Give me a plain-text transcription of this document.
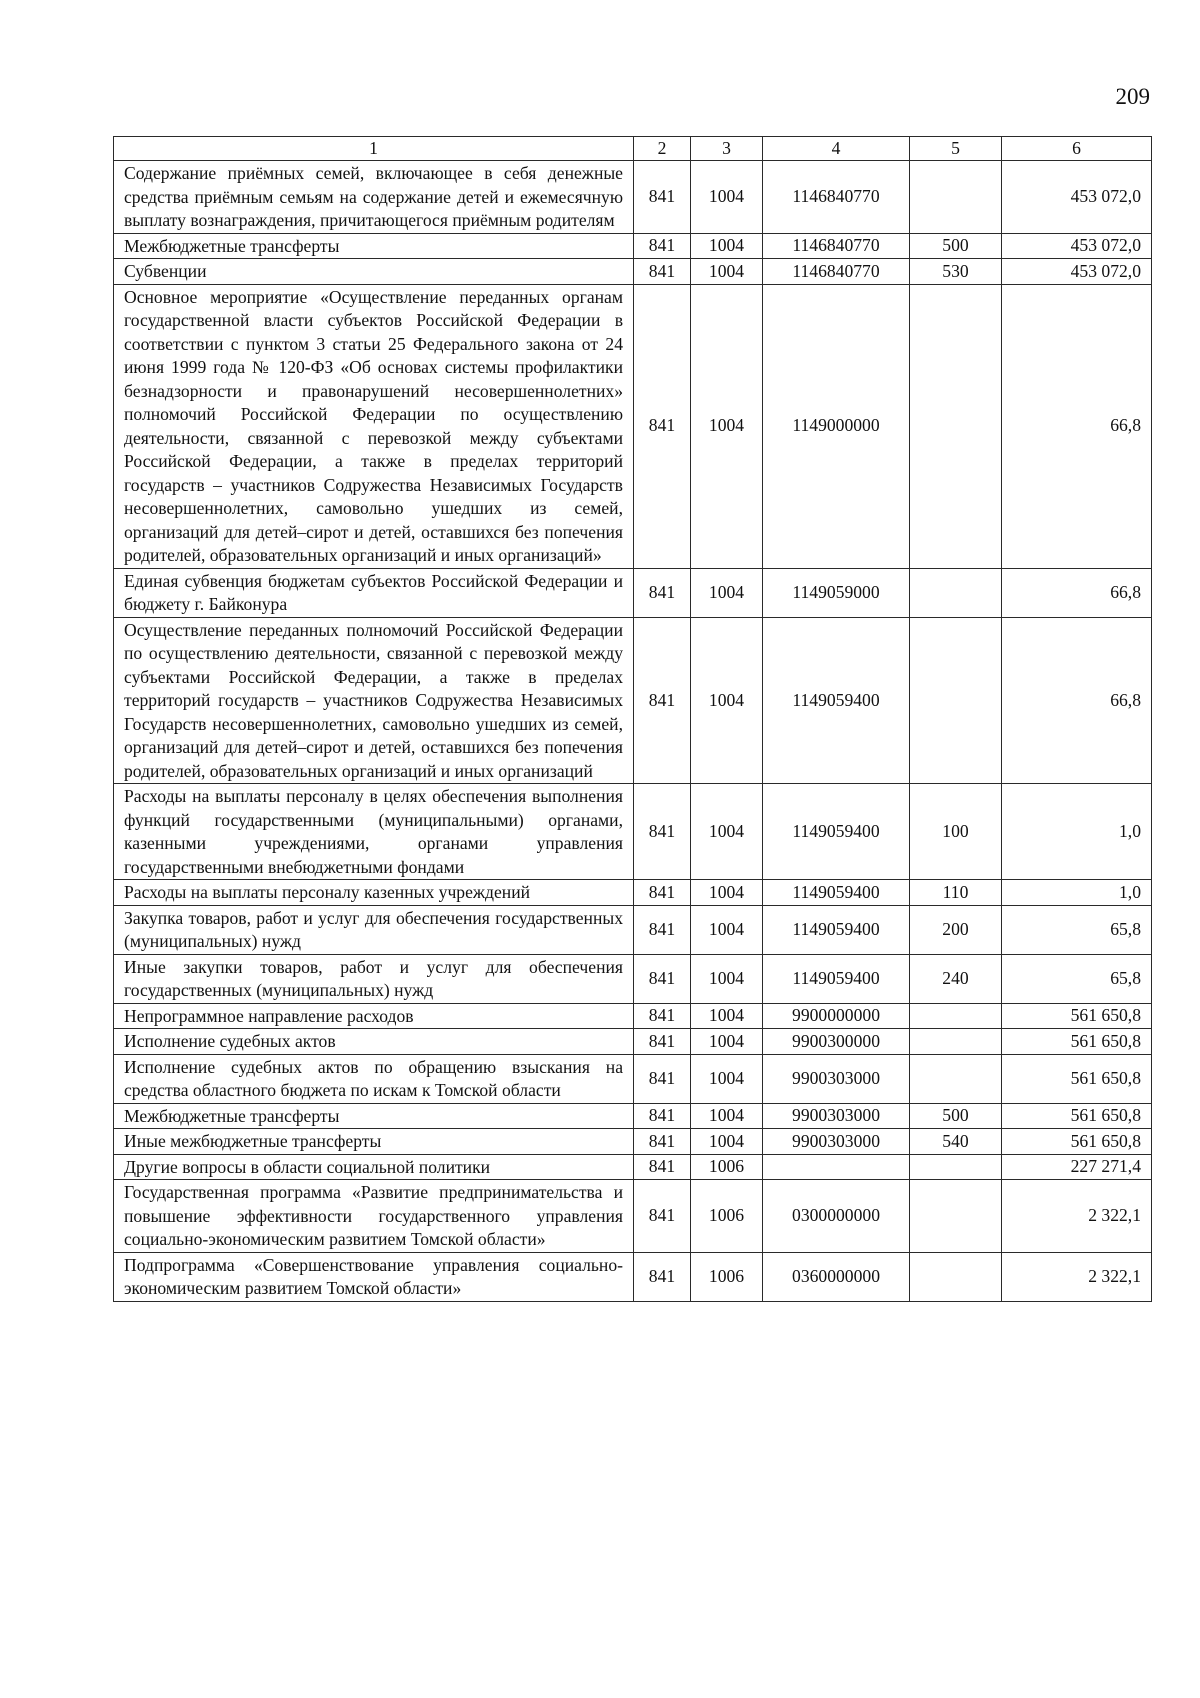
209
1	2	3	4	5	6
Содержание приёмных семей, включающее в себя денежные средства приёмным семьям на содержание детей и ежемесячную выплату вознаграждения, причитающегося приёмным родителям	841	1004	1146840770		453 072,0
Межбюджетные трансферты	841	1004	1146840770	500	453 072,0
Субвенции	841	1004	1146840770	530	453 072,0
Основное мероприятие «Осуществление переданных органам государственной власти субъектов Российской Федерации в соответствии с пунктом 3 статьи 25 Федерального закона от 24 июня 1999 года № 120-ФЗ «Об основах системы профилактики безнадзорности и правонарушений несовершеннолетних» полномочий Российской Федерации по осуществлению деятельности, связанной с перевозкой между субъектами Российской Федерации, а также в пределах территорий государств – участников Содружества Независимых Государств несовершеннолетних, самовольно ушедших из семей, организаций для детей–сирот и детей, оставшихся без попечения родителей, образовательных организаций и иных организаций»	841	1004	1149000000		66,8
Единая субвенция бюджетам субъектов Российской Федерации и бюджету г. Байконура	841	1004	1149059000		66,8
Осуществление переданных полномочий Российской Федерации по осуществлению деятельности, связанной с перевозкой между субъектами Российской Федерации, а также в пределах территорий государств – участников Содружества Независимых Государств несовершеннолетних, самовольно ушедших из семей, организаций для детей–сирот и детей, оставшихся без попечения родителей, образовательных организаций и иных организаций	841	1004	1149059400		66,8
Расходы на выплаты персоналу в целях обеспечения выполнения функций государственными (муниципальными) органами, казенными учреждениями, органами управления государственными внебюджетными фондами	841	1004	1149059400	100	1,0
Расходы на выплаты персоналу казенных учреждений	841	1004	1149059400	110	1,0
Закупка товаров, работ и услуг для обеспечения государственных (муниципальных) нужд	841	1004	1149059400	200	65,8
Иные закупки товаров, работ и услуг для обеспечения государственных (муниципальных) нужд	841	1004	1149059400	240	65,8
Непрограммное направление расходов	841	1004	9900000000		561 650,8
Исполнение судебных актов	841	1004	9900300000		561 650,8
Исполнение судебных актов по обращению взыскания на средства областного бюджета по искам к Томской области	841	1004	9900303000		561 650,8
Межбюджетные трансферты	841	1004	9900303000	500	561 650,8
Иные межбюджетные трансферты	841	1004	9900303000	540	561 650,8
Другие вопросы в области социальной политики	841	1006			227 271,4
Государственная программа «Развитие предпринимательства и повышение эффективности государственного управления социально-экономическим развитием Томской области»	841	1006	0300000000		2 322,1
Подпрограмма «Совершенствование управления социально-экономическим развитием Томской области»	841	1006	0360000000		2 322,1
